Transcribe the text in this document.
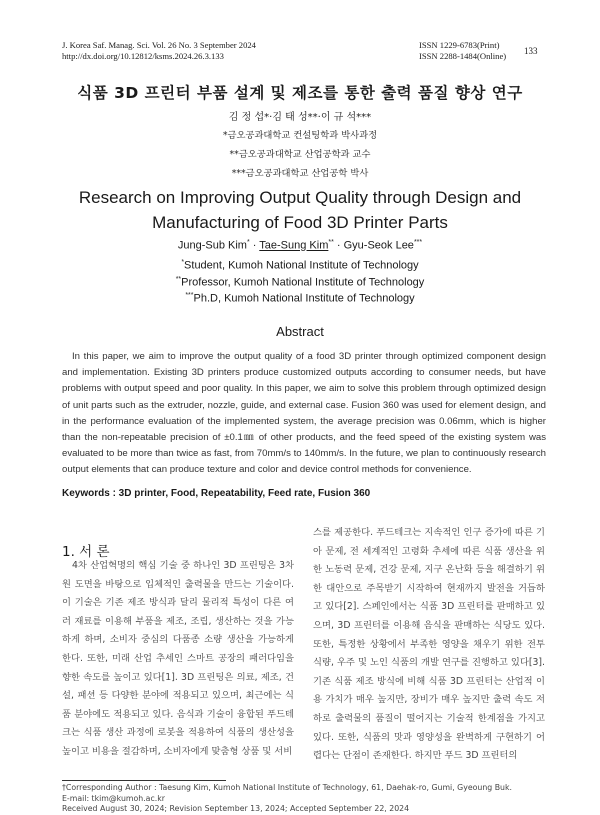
J. Korea Saf. Manag. Sci. Vol. 26 No. 3 September 2024
http://dx.doi.org/10.12812/ksms.2024.26.3.133
ISSN 1229-6783(Print)
ISSN 2288-1484(Online) 133
식품 3D 프린터 부품 설계 및 제조를 통한 출력 품질 향상 연구
김 정 섭*·김 태 성**·이 규 석***
*금오공과대학교 컨설팅학과 박사과정
**금오공과대학교 산업공학과 교수
***금오공과대학교 산업공학 박사
Research on Improving Output Quality through Design and
Manufacturing of Food 3D Printer Parts
Jung-Sub Kim* · Tae-Sung Kim** · Gyu-Seok Lee***
*Student, Kumoh National Institute of Technology
**Professor, Kumoh National Institute of Technology
***Ph.D, Kumoh National Institute of Technology
Abstract
In this paper, we aim to improve the output quality of a food 3D printer through optimized component design and implementation. Existing 3D printers produce customized outputs according to consumer needs, but have problems with output speed and poor quality. In this paper, we aim to solve this problem through optimized design of unit parts such as the extruder, nozzle, guide, and external case. Fusion 360 was used for element design, and in the performance evaluation of the implemented system, the average precision was 0.06mm, which is higher than the non-repeatable precision of ±0.1㎜ of other products, and the feed speed of the existing system was evaluated to be more than twice as fast, from 70mm/s to 140mm/s. In the future, we plan to continuously research output elements that can produce texture and color and device control methods for convenience.
Keywords : 3D printer, Food, Repeatability, Feed rate, Fusion 360
1. 서 론
4차 산업혁명의 핵심 기술 중 하나인 3D 프린팅은 3차원 도면을 바탕으로 입체적인 출력물을 만드는 기술이다. 이 기술은 기존 제조 방식과 달리 물리적 특성이 다른 여러 재료를 이용해 부품을 제조, 조립, 생산하는 것을 가능하게 하며, 소비자 중심의 다품종 소량 생산을 가능하게 한다. 또한, 미래 산업 추세인 스마트 공장의 패러다임을 향한 속도를 높이고 있다[1]. 3D 프린팅은 의료, 제조, 건설, 패션 등 다양한 분야에 적용되고 있으며, 최근에는 식품 분야에도 적용되고 있다. 음식과 기술이 융합된 푸드테크는 식품 생산 과정에 로봇을 적용하여 식품의 생산성을 높이고 비용을 절감하며, 소비자에게 맞춤형 상품 및 서비
스를 제공한다. 푸드테크는 지속적인 인구 증가에 따른 기아 문제, 전 세계적인 고령화 추세에 따른 식품 생산을 위한 노동력 문제, 건강 문제, 지구 온난화 등을 해결하기 위한 대안으로 주목받기 시작하여 현재까지 발전을 거듭하고 있다[2]. 스페인에서는 식품 3D 프린터를 판매하고 있으며, 3D 프린터를 이용해 음식을 판매하는 식당도 있다. 또한, 특정한 상황에서 부족한 영양을 채우기 위한 전투 식량, 우주 및 노인 식품의 개발 연구를 진행하고 있다[3]. 기존 식품 제조 방식에 비해 식품 3D 프린터는 산업적 이용 가치가 매우 높지만, 장비가 매우 높지만 출력 속도 저하로 출력물의 품질이 떨어지는 기술적 한계점을 가지고 있다. 또한, 식품의 맛과 영양성을 완벽하게 구현하기 어렵다는 단점이 존재한다. 하지만 푸드 3D 프린터의
†Corresponding Author : Taesung Kim, Kumoh National Institute of Technology, 61, Daehak-ro, Gumi, Gyeoung Buk.
E-mail: tkim@kumoh.ac.kr
Received August 30, 2024; Revision September 13, 2024; Accepted September 22, 2024
